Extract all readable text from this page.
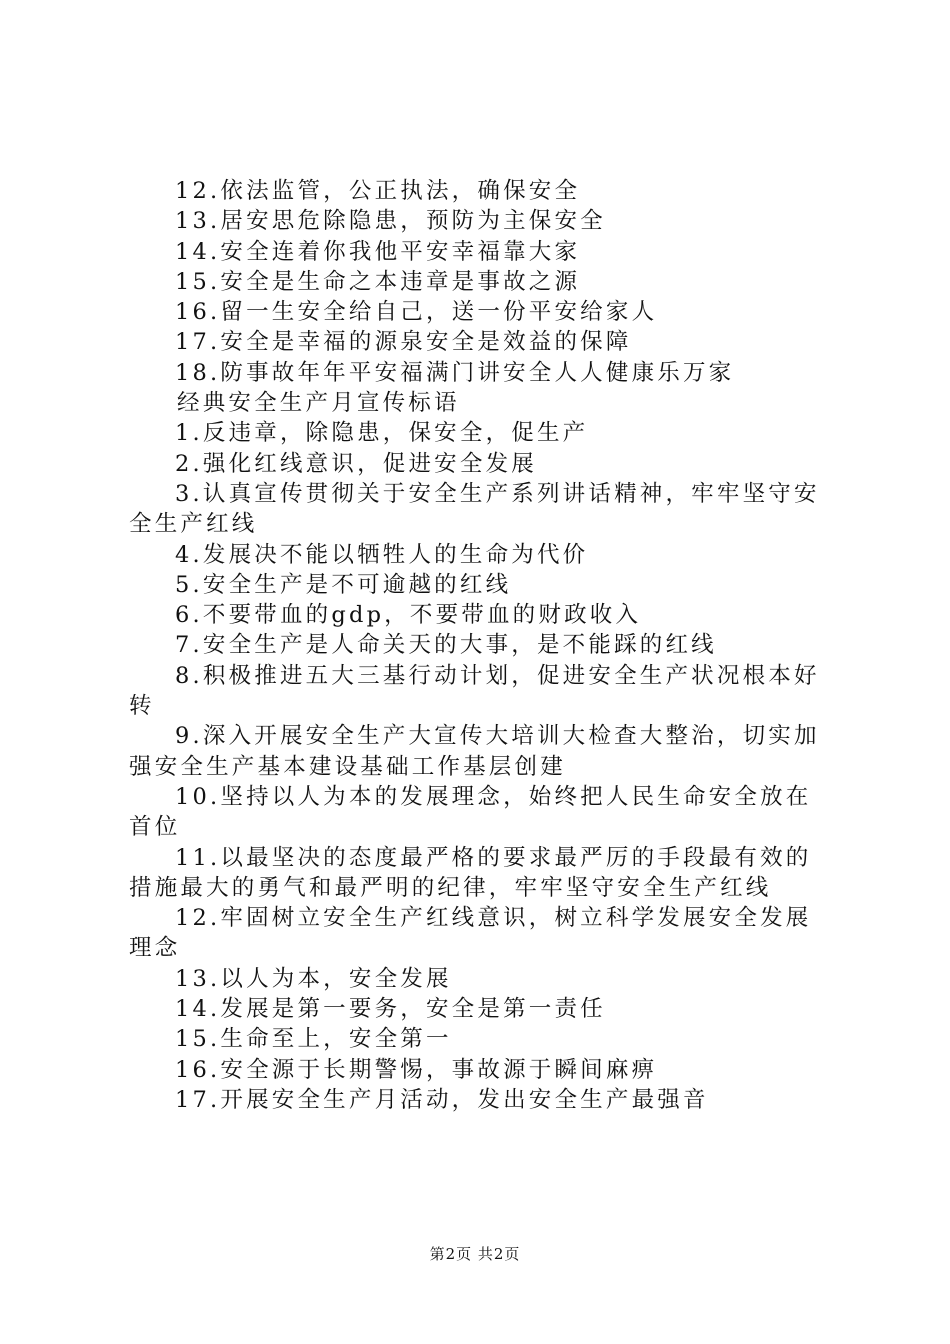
12.依法监管，公正执法，确保安全

13.居安思危除隐患，预防为主保安全

14.安全连着你我他平安幸福靠大家

15.安全是生命之本违章是事故之源

16.留一生安全给自己，送一份平安给家人

17.安全是幸福的源泉安全是效益的保障

18.防事故年年平安福满门讲安全人人健康乐万家

经典安全生产月宣传标语

1.反违章，除隐患，保安全，促生产

2.强化红线意识，促进安全发展

3.认真宣传贯彻关于安全生产系列讲话精神，牢牢坚守安全生产红线

4.发展决不能以牺牲人的生命为代价

5.安全生产是不可逾越的红线

6.不要带血的gdp，不要带血的财政收入

7.安全生产是人命关天的大事，是不能踩的红线

8.积极推进五大三基行动计划，促进安全生产状况根本好转

9.深入开展安全生产大宣传大培训大检查大整治，切实加强安全生产基本建设基础工作基层创建

10.坚持以人为本的发展理念，始终把人民生命安全放在首位

11.以最坚决的态度最严格的要求最严厉的手段最有效的措施最大的勇气和最严明的纪律，牢牢坚守安全生产红线

12.牢固树立安全生产红线意识，树立科学发展安全发展理念

13.以人为本，安全发展

14.发展是第一要务，安全是第一责任

15.生命至上，安全第一

16.安全源于长期警惕，事故源于瞬间麻痹

17.开展安全生产月活动，发出安全生产最强音

第2页 共2页
